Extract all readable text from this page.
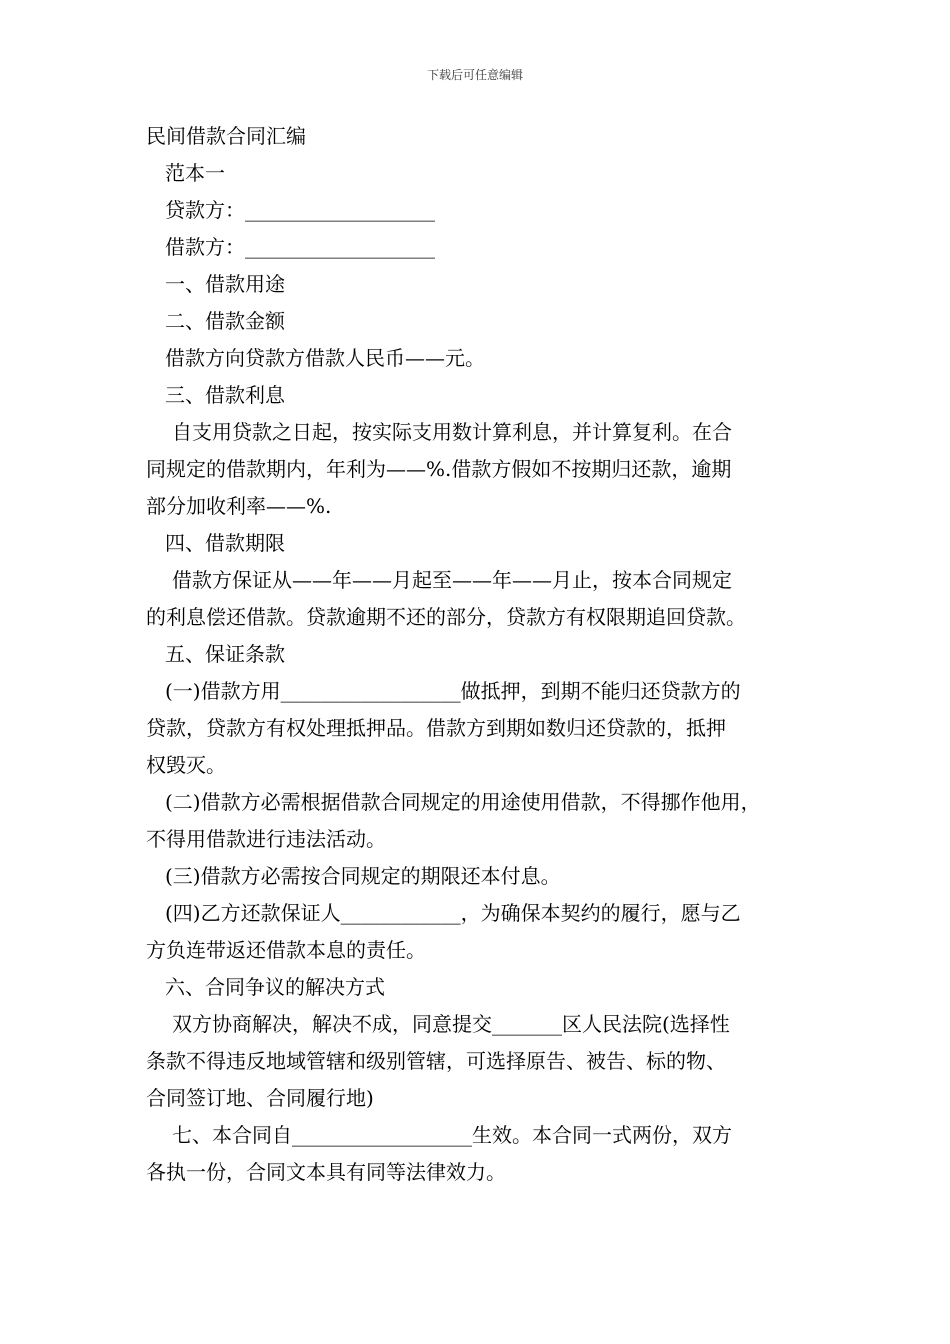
下载后可任意编辑
民间借款合同汇编
范本一
贷款方：___________________
借款方：___________________
一、借款用途
二、借款金额
借款方向贷款方借款人民币——元。
三、借款利息
自支用贷款之日起，按实际支用数计算利息，并计算复利。在合
同规定的借款期内，年利为——%.借款方假如不按期归还款，逾期
部分加收利率——%.
四、借款期限
借款方保证从——年——月起至——年——月止，按本合同规定
的利息偿还借款。贷款逾期不还的部分，贷款方有权限期追回贷款。
五、保证条款
(一)借款方用__________________做抵押，到期不能归还贷款方的
贷款，贷款方有权处理抵押品。借款方到期如数归还贷款的，抵押
权毁灭。
(二)借款方必需根据借款合同规定的用途使用借款，不得挪作他用，
不得用借款进行违法活动。
(三)借款方必需按合同规定的期限还本付息。
(四)乙方还款保证人____________，为确保本契约的履行，愿与乙
方负连带返还借款本息的责任。
六、合同争议的解决方式
双方协商解决，解决不成，同意提交_______区人民法院(选择性
条款不得违反地域管辖和级别管辖，可选择原告、被告、标的物、
合同签订地、合同履行地)
七、本合同自__________________生效。本合同一式两份，双方
各执一份，合同文本具有同等法律效力。
